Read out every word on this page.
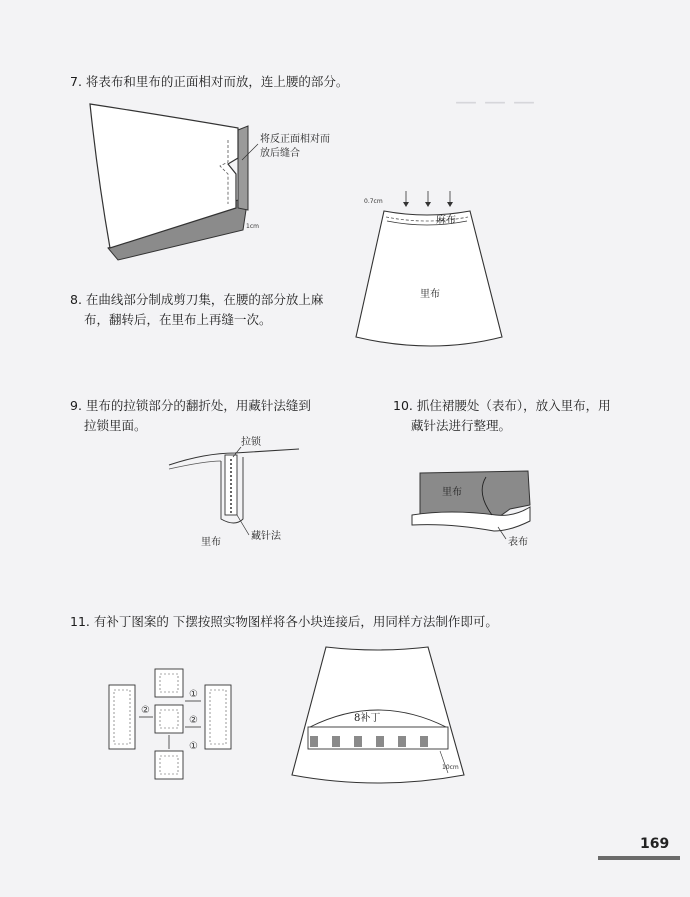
— — —
7. 将表布和里布的正面相对而放，连上腰的部分。
将反正面相对而
放后缝合
1cm
8. 在曲线部分制成剪刀集，在腰的部分放上麻
布，翻转后，在里布上再缝一次。
0.7cm
麻布
里布
9. 里布的拉锁部分的翻折处，用藏针法缝到
拉锁里面。
拉锁
里布
藏针法
10. 抓住裙腰处（表布），放入里布，用
藏针法进行整理。
里布
表布
11. 有补丁图案的 下摆按照实物图样将各小块连接后，用同样方法制作即可。
②
①
②
①
8补丁
10cm
169
